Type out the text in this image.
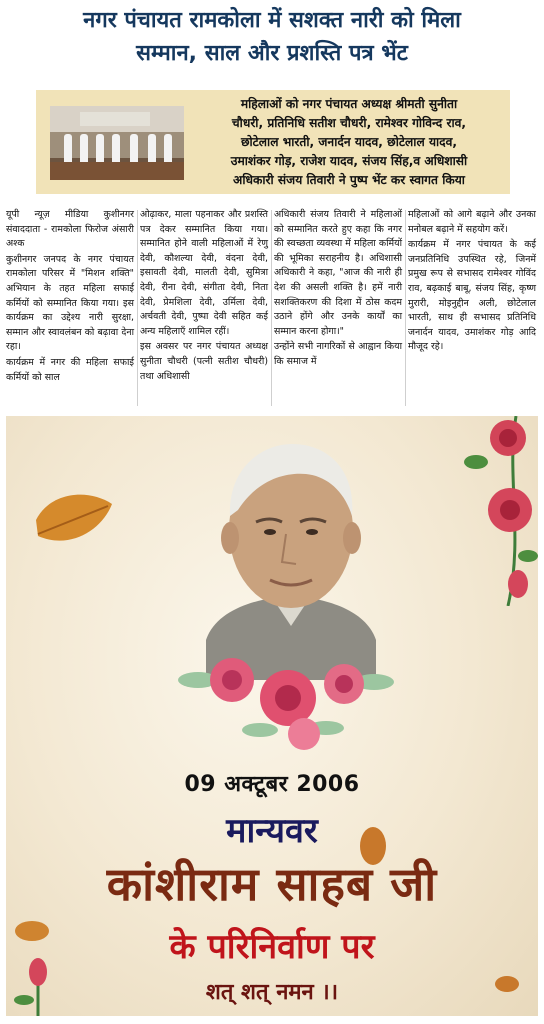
नगर पंचायत रामकोला में सशक्त नारी को मिला
सम्मान, साल और प्रशस्ति पत्र भेंट
महिलाओं को नगर पंचायत अध्यक्ष श्रीमती सुनीता
चौधरी, प्रतिनिधि सतीश चौधरी, रामेश्वर गोविन्द राव,
छोटेलाल भारती, जनार्दन यादव, छोटेलाल यादव,
उमाशंकर गोड़, राजेश यादव, संजय सिंह,व अधिशासी
अधिकारी संजय तिवारी ने पुष्प भेंट कर स्वागत किया

यूपी न्यूज़ मीडिया कुशीनगर संवाददाता - रामकोला फिरोज अंसारी अश्क

कुशीनगर जनपद के नगर पंचायत रामकोला परिसर में "मिशन शक्ति" अभियान के तहत महिला सफाई कर्मियों को सम्मानित किया गया। इस कार्यक्रम का उद्देश्य नारी सुरक्षा, सम्मान और स्वावलंबन को बढ़ावा देना रहा।

कार्यक्रम में नगर की महिला सफाई कर्मियों को साल

ओढ़ाकर, माला पहनाकर और प्रशस्ति पत्र देकर सम्मानित किया गया। सम्मानित होने वाली महिलाओं में रेणु देवी, कौशल्या देवी, वंदना देवी, इसावती देवी, मालती देवी, सुमित्रा देवी, रीना देवी, संगीता देवी, निता देवी, प्रेमशिला देवी, उर्मिला देवी, अर्चवती देवी, पुष्पा देवी सहित कई अन्य महिलाएँ शामिल रहीं।

इस अवसर पर नगर पंचायत अध्यक्ष सुनीता चौधरी (पत्नी सतीश चौधरी) तथा अधिशासी

अधिकारी संजय तिवारी ने महिलाओं को सम्मानित करते हुए कहा कि नगर की स्वच्छता व्यवस्था में महिला कर्मियों की भूमिका सराहनीय है। अधिशासी अधिकारी ने कहा, "आज की नारी ही देश की असली शक्ति है। हमें नारी सशक्तिकरण की दिशा में ठोस कदम उठाने होंगे और उनके कार्यों का सम्मान करना होगा।"

उन्होंने सभी नागरिकों से आह्वान किया कि समाज में

महिलाओं को आगे बढ़ाने और उनका मनोबल बढ़ाने में सहयोग करें।

कार्यक्रम में नगर पंचायत के कई जनप्रतिनिधि उपस्थित रहे, जिनमें प्रमुख रूप से सभासद रामेश्वर गोविंद राव, बढ़काई बाबू, संजय सिंह, कृष्ण मुरारी, मोइनुद्दीन अली, छोटेलाल भारती, साथ ही सभासद प्रतिनिधि जनार्दन यादव, उमाशंकर गोड़ आदि मौजूद रहे।

09 अक्टूबर 2006
मान्यवर
कांशीराम साहब जी
के परिनिर्वाण पर
शत् शत् नमन ।।
